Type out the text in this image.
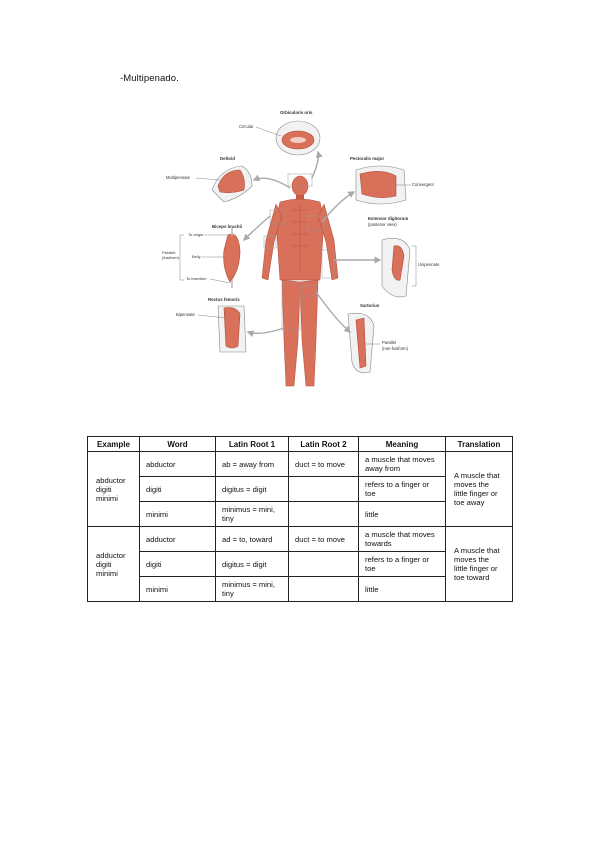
-Multipenado.
Orbicularis oris
Circular
Deltoid
Multipennate
Pectoralis major
Convergent
Biceps brachii
To origin
Belly
To insertion
Parallel
(fusiform)
Extensor digitorum
(posterior view)
Unipennate
Rectus femoris
Bipennate
Sartorius
Parallel
(non-fusiform)
Example	Word	Latin Root 1	Latin Root 2	Meaning	Translation
abductor digiti minimi	abductor	ab = away from	duct = to move	a muscle that moves away from	A muscle that moves the little finger or toe away
	digiti	digitus = digit		refers to a finger or toe	
	minimi	minimus = mini, tiny		little	
adductor digiti minimi	adductor	ad = to, toward	duct = to move	a muscle that moves towards	A muscle that moves the little finger or toe toward
	digiti	digitus = digit		refers to a finger or toe	
	minimi	minimus = mini, tiny		little	
